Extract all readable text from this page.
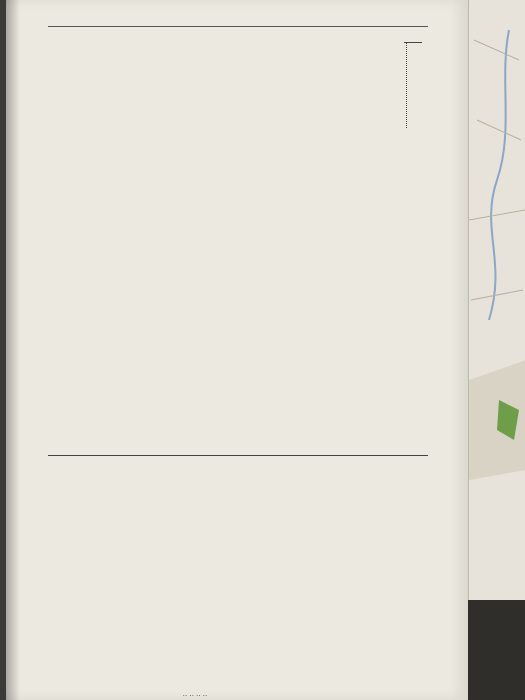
‥‥‥‥
